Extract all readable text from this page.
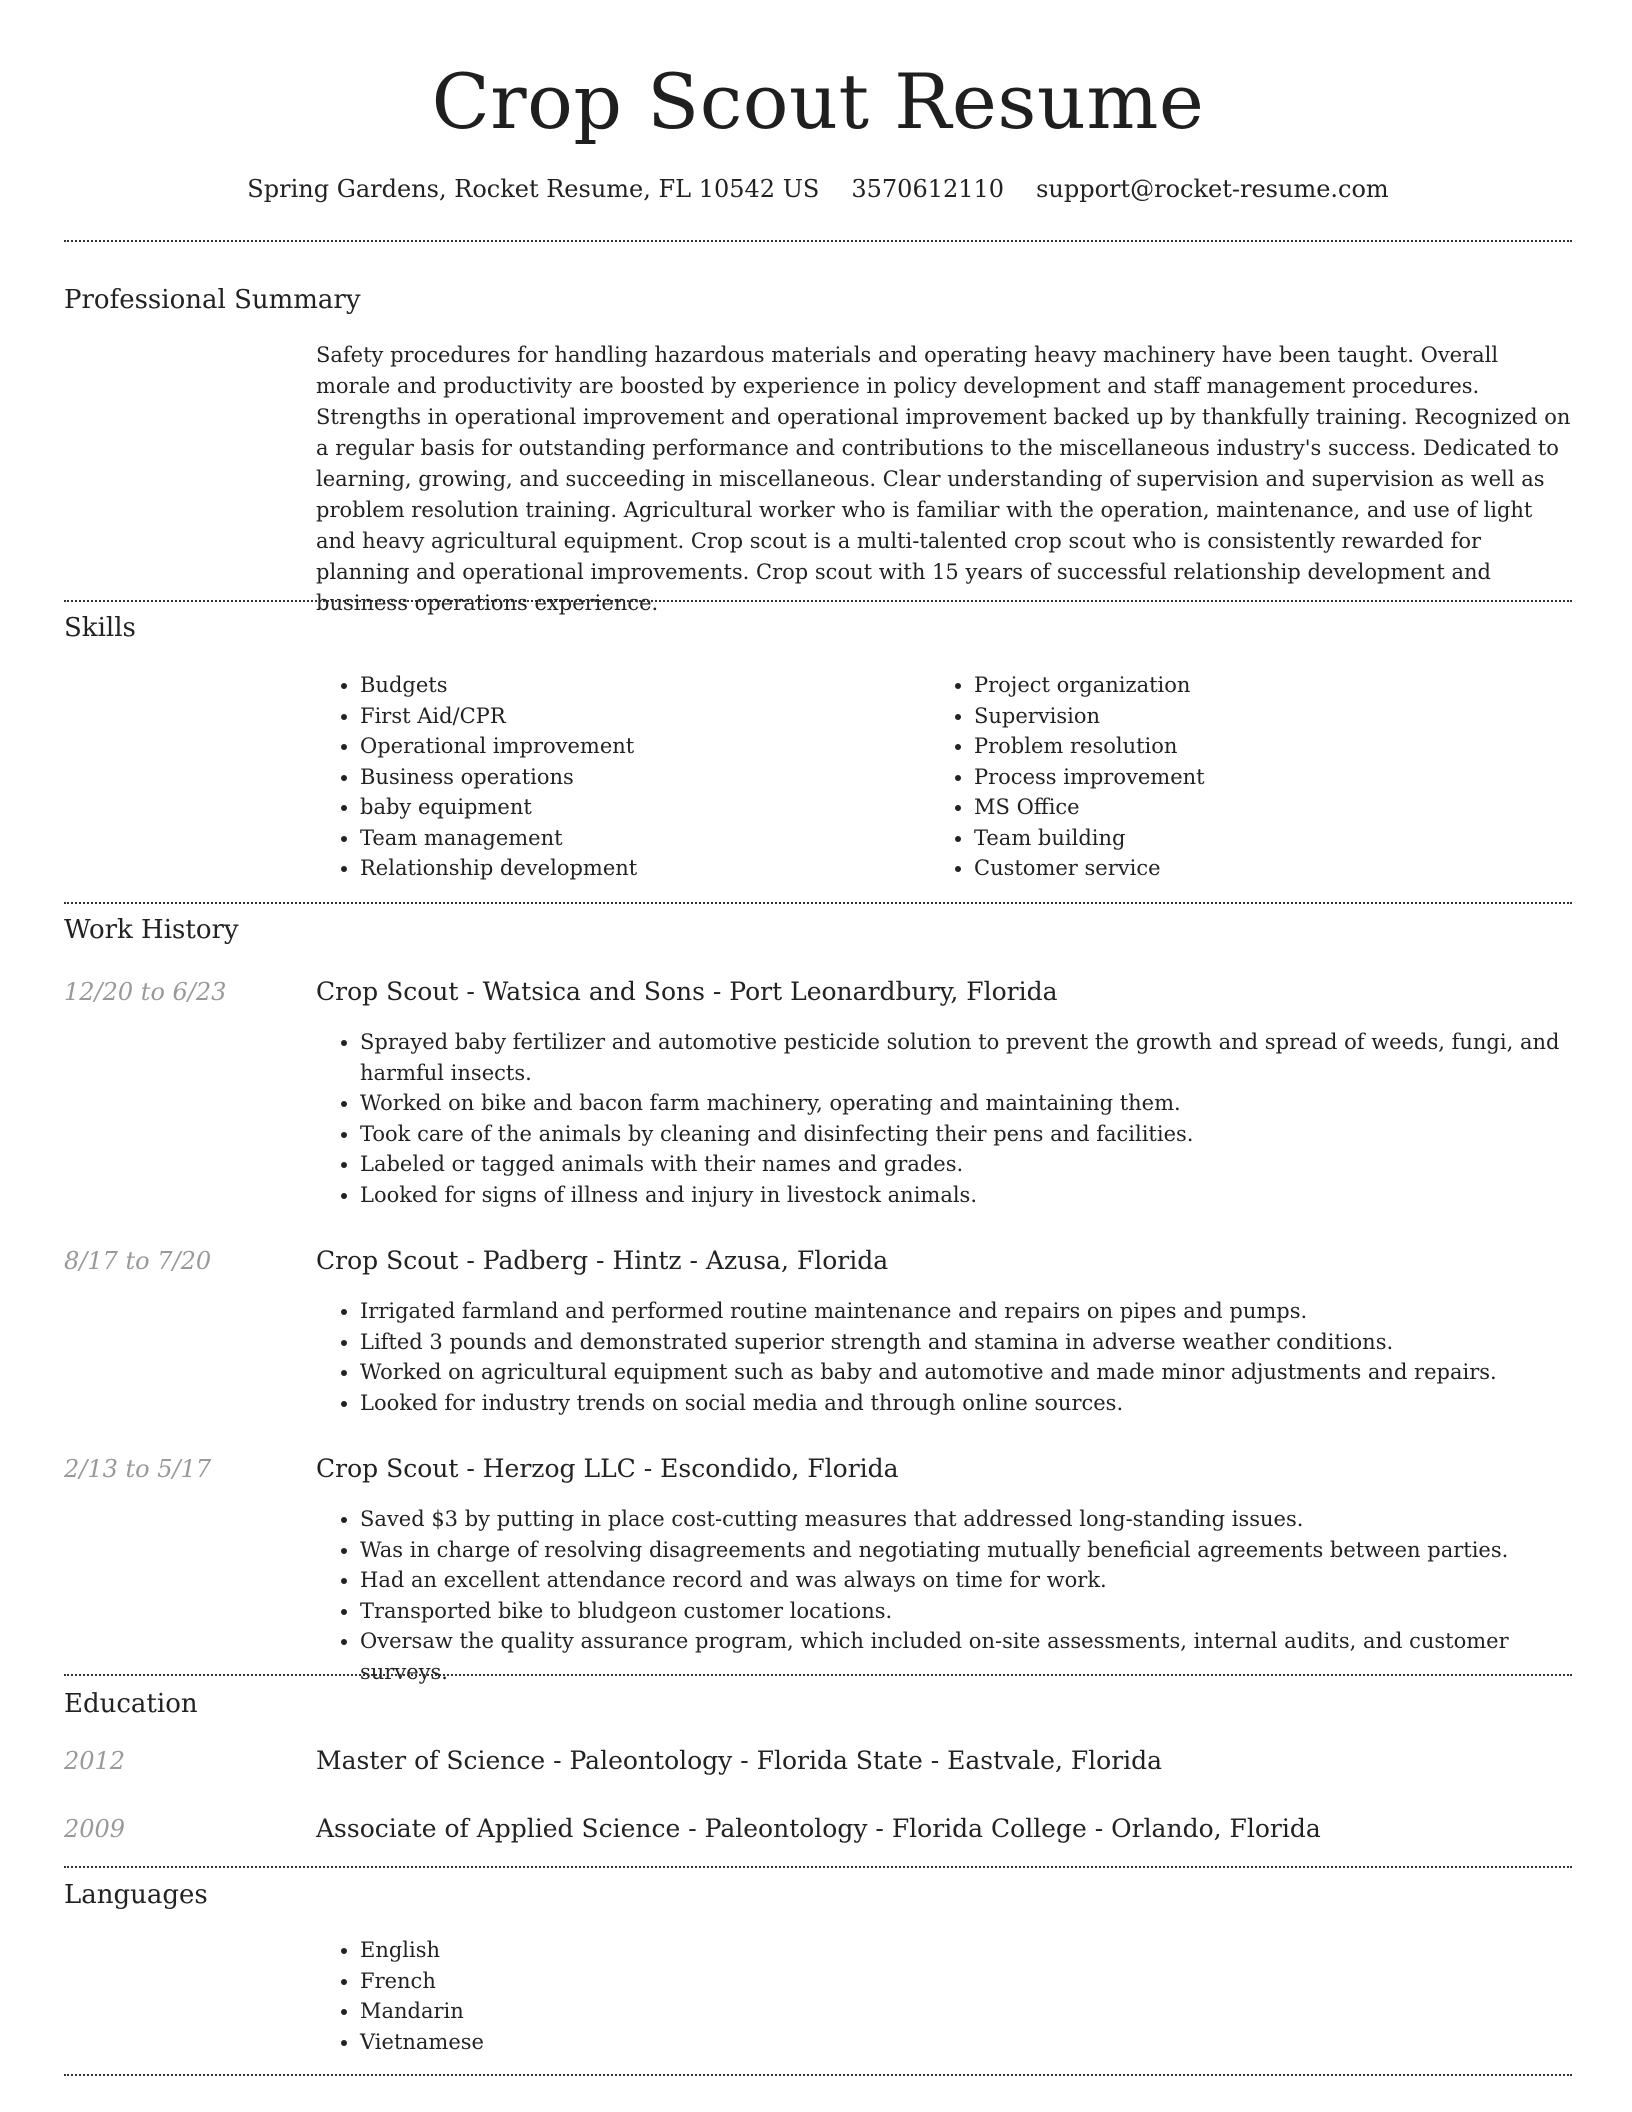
Crop Scout Resume
Spring Gardens, Rocket Resume, FL 10542 US 3570612110 support@rocket-resume.com
Professional Summary

Safety procedures for handling hazardous materials and operating heavy machinery have been taught. Overall morale and productivity are boosted by experience in policy development and staff management procedures. Strengths in operational improvement and operational improvement backed up by thankfully training. Recognized on a regular basis for outstanding performance and contributions to the miscellaneous industry's success. Dedicated to learning, growing, and succeeding in miscellaneous. Clear understanding of supervision and supervision as well as problem resolution training. Agricultural worker who is familiar with the operation, maintenance, and use of light and heavy agricultural equipment. Crop scout is a multi-talented crop scout who is consistently rewarded for planning and operational improvements. Crop scout with 15 years of successful relationship development and business operations experience.

Skills
• Budgets
• First Aid/CPR
• Operational improvement
• Business operations
• baby equipment
• Team management
• Relationship development
• Project organization
• Supervision
• Problem resolution
• Process improvement
• MS Office
• Team building
• Customer service
Work History
12/20 to 6/23	Crop Scout - Watsica and Sons - Port Leonardbury, Florida
• Sprayed baby fertilizer and automotive pesticide solution to prevent the growth and spread of weeds, fungi, and harmful insects.
• Worked on bike and bacon farm machinery, operating and maintaining them.
• Took care of the animals by cleaning and disinfecting their pens and facilities.
• Labeled or tagged animals with their names and grades.
• Looked for signs of illness and injury in livestock animals.
8/17 to 7/20	Crop Scout - Padberg - Hintz - Azusa, Florida
• Irrigated farmland and performed routine maintenance and repairs on pipes and pumps.
• Lifted 3 pounds and demonstrated superior strength and stamina in adverse weather conditions.
• Worked on agricultural equipment such as baby and automotive and made minor adjustments and repairs.
• Looked for industry trends on social media and through online sources.
2/13 to 5/17	Crop Scout - Herzog LLC - Escondido, Florida
• Saved $3 by putting in place cost-cutting measures that addressed long-standing issues.
• Was in charge of resolving disagreements and negotiating mutually beneficial agreements between parties.
• Had an excellent attendance record and was always on time for work.
• Transported bike to bludgeon customer locations.
• Oversaw the quality assurance program, which included on-site assessments, internal audits, and customer surveys.
Education
2012	Master of Science - Paleontology - Florida State - Eastvale, Florida
2009	Associate of Applied Science - Paleontology - Florida College - Orlando, Florida
Languages
• English
• French
• Mandarin
• Vietnamese
